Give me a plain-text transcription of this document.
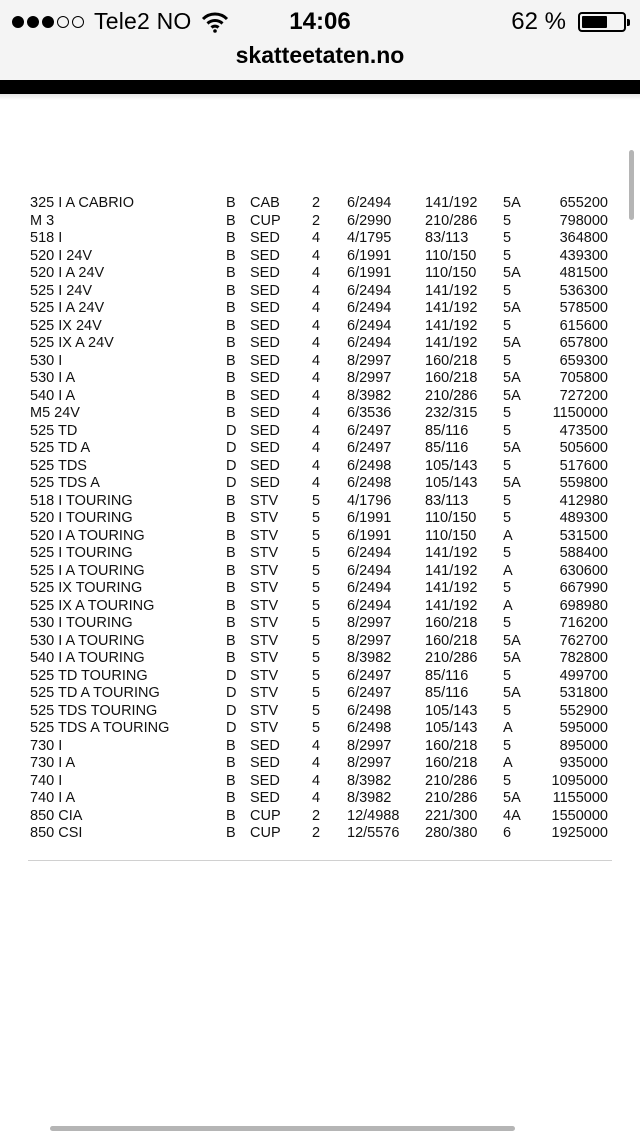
Tele2 NO	14:06	62 %
skatteetaten.no
325 I A CABRIO	B CAB 2 6/2494 141/192 5A	655200
M 3	B CUP 2 6/2990 210/286 5	798000
518 I	B SED 4 4/1795 83/113 5	364800
520 I 24V	B SED 4 6/1991 110/150 5	439300
520 I A 24V	B SED 4 6/1991 110/150 5A	481500
525 I 24V	B SED 4 6/2494 141/192 5	536300
525 I A 24V	B SED 4 6/2494 141/192 5A	578500
525 IX 24V	B SED 4 6/2494 141/192 5	615600
525 IX A 24V	B SED 4 6/2494 141/192 5A	657800
530 I	B SED 4 8/2997 160/218 5	659300
530 I A	B SED 4 8/2997 160/218 5A	705800
540 I A	B SED 4 8/3982 210/286 5A	727200
M5 24V	B SED 4 6/3536 232/315 5	1150000
525 TD	D SED 4 6/2497 85/116 5	473500
525 TD A	D SED 4 6/2497 85/116 5A	505600
525 TDS	D SED 4 6/2498 105/143 5	517600
525 TDS A	D SED 4 6/2498 105/143 5A	559800
518 I TOURING	B STV 5 4/1796 83/113 5	412980
520 I TOURING	B STV 5 6/1991 110/150 5	489300
520 I A TOURING	B STV 5 6/1991 110/150 A	531500
525 I TOURING	B STV 5 6/2494 141/192 5	588400
525 I A TOURING	B STV 5 6/2494 141/192 A	630600
525 IX TOURING	B STV 5 6/2494 141/192 5	667990
525 IX A TOURING	B STV 5 6/2494 141/192 A	698980
530 I TOURING	B STV 5 8/2997 160/218 5	716200
530 I A TOURING	B STV 5 8/2997 160/218 5A	762700
540 I A TOURING	B STV 5 8/3982 210/286 5A	782800
525 TD TOURING	D STV 5 6/2497 85/116 5	499700
525 TD A TOURING	D STV 5 6/2497 85/116 5A	531800
525 TDS TOURING	D STV 5 6/2498 105/143 5	552900
525 TDS A TOURING	D STV 5 6/2498 105/143 A	595000
730 I	B SED 4 8/2997 160/218 5	895000
730 I A	B SED 4 8/2997 160/218 A	935000
740 I	B SED 4 8/3982 210/286 5	1095000
740 I A	B SED 4 8/3982 210/286 5A 1155000
850 CIA	B CUP 2 12/4988 221/300 4A 1550000
850 CSI	B CUP 2 12/5576 280/380 6	1925000
